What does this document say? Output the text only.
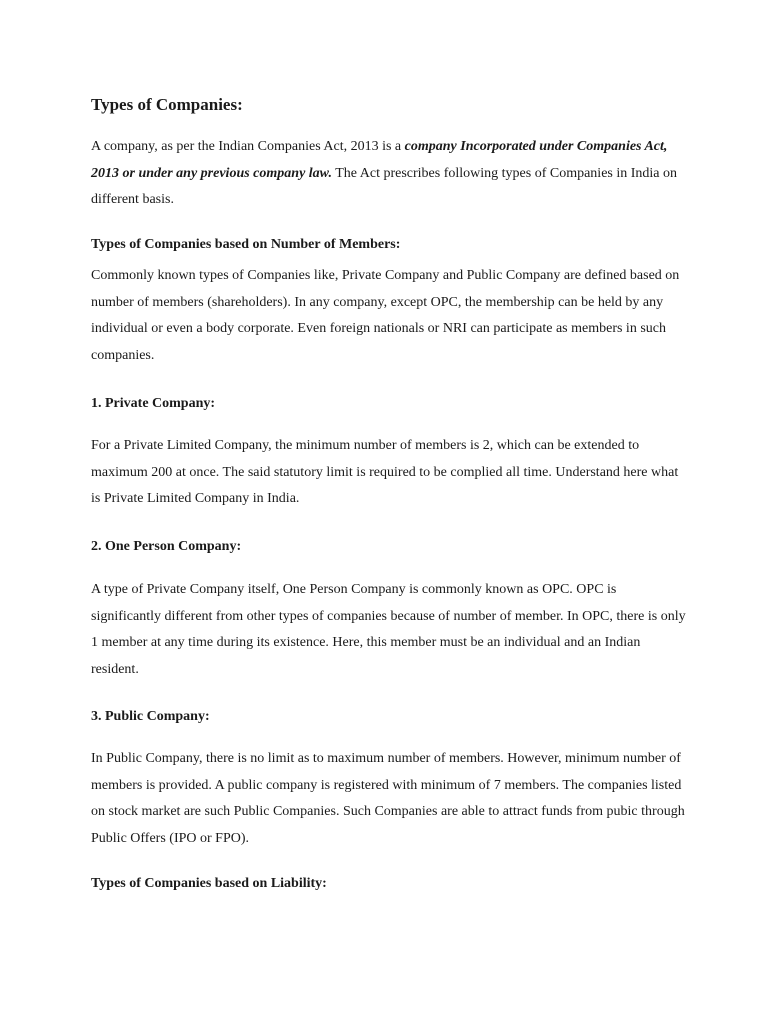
Types of Companies:

A company, as per the Indian Companies Act, 2013 is a company Incorporated under Companies Act, 2013 or under any previous company law. The Act prescribes following types of Companies in India on different basis.

Types of Companies based on Number of Members:

Commonly known types of Companies like, Private Company and Public Company are defined based on number of members (shareholders). In any company, except OPC, the membership can be held by any individual or even a body corporate. Even foreign nationals or NRI can participate as members in such companies.

1. Private Company:

For a Private Limited Company, the minimum number of members is 2, which can be extended to maximum 200 at once. The said statutory limit is required to be complied all time. Understand here what is Private Limited Company in India.

2. One Person Company:

A type of Private Company itself, One Person Company is commonly known as OPC. OPC is significantly different from other types of companies because of number of member. In OPC, there is only 1 member at any time during its existence. Here, this member must be an individual and an Indian resident.

3. Public Company:

In Public Company, there is no limit as to maximum number of members. However, minimum number of members is provided. A public company is registered with minimum of 7 members. The companies listed on stock market are such Public Companies. Such Companies are able to attract funds from pubic through Public Offers (IPO or FPO).

Types of Companies based on Liability:
